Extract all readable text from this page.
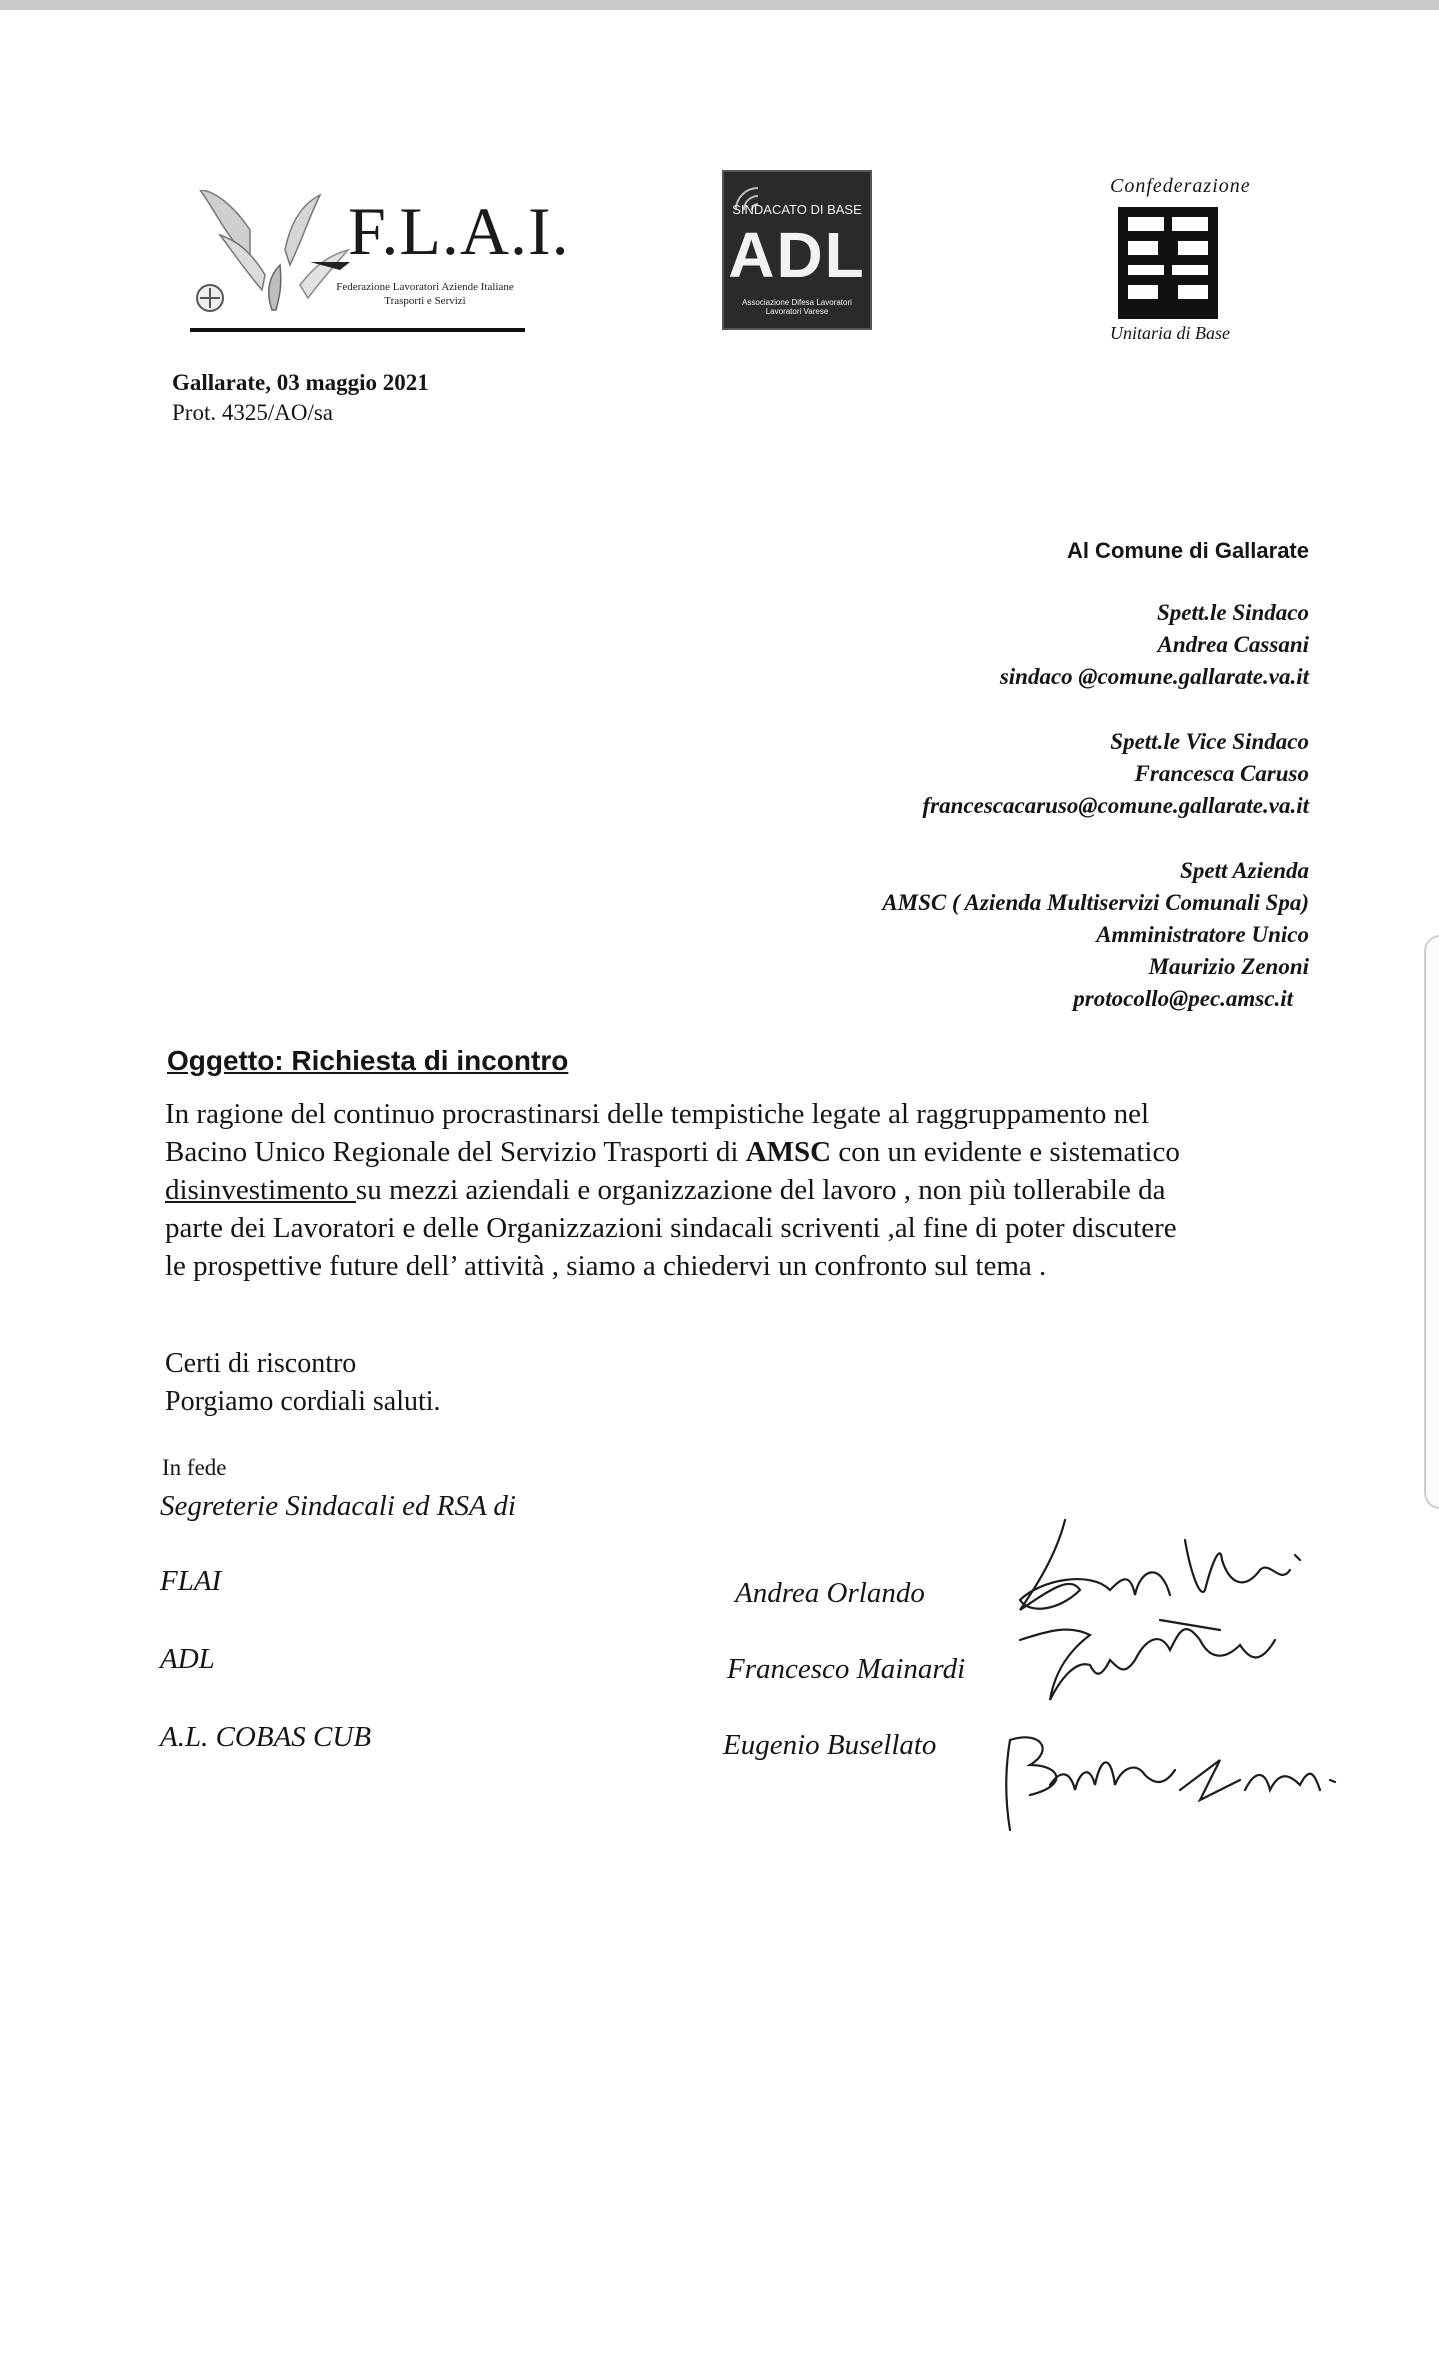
F.L.A.I.
Federazione Lavoratori Aziende Italiane
Trasporti e Servizi
SINDACATO DI BASE
ADL
Associazione Difesa Lavoratori Lavoratori Varese
Confederazione
Unitaria di Base
Gallarate, 03 maggio 2021
Prot. 4325/AO/sa
Al Comune di Gallarate
Spett.le Sindaco
Andrea Cassani
sindaco @comune.gallarate.va.it
Spett.le Vice Sindaco
Francesca Caruso
francescacaruso@comune.gallarate.va.it
Spett Azienda
AMSC ( Azienda Multiservizi Comunali Spa)
Amministratore Unico
Maurizio Zenoni
protocollo@pec.amsc.it
Oggetto: Richiesta di incontro
In ragione del continuo procrastinarsi delle tempistiche legate al raggruppamento nel
Bacino Unico Regionale del Servizio Trasporti di AMSC con un evidente e sistematico
disinvestimento su mezzi aziendali e organizzazione del lavoro , non più tollerabile da
parte dei Lavoratori e delle Organizzazioni sindacali scriventi ,al fine di poter discutere
le prospettive future dell’ attività , siamo a chiedervi un confronto sul tema .
Certi di riscontro
Porgiamo cordiali saluti.
In fede
Segreterie Sindacali ed RSA di
FLAI
ADL
A.L. COBAS CUB
Andrea Orlando
Francesco Mainardi
Eugenio Busellato
